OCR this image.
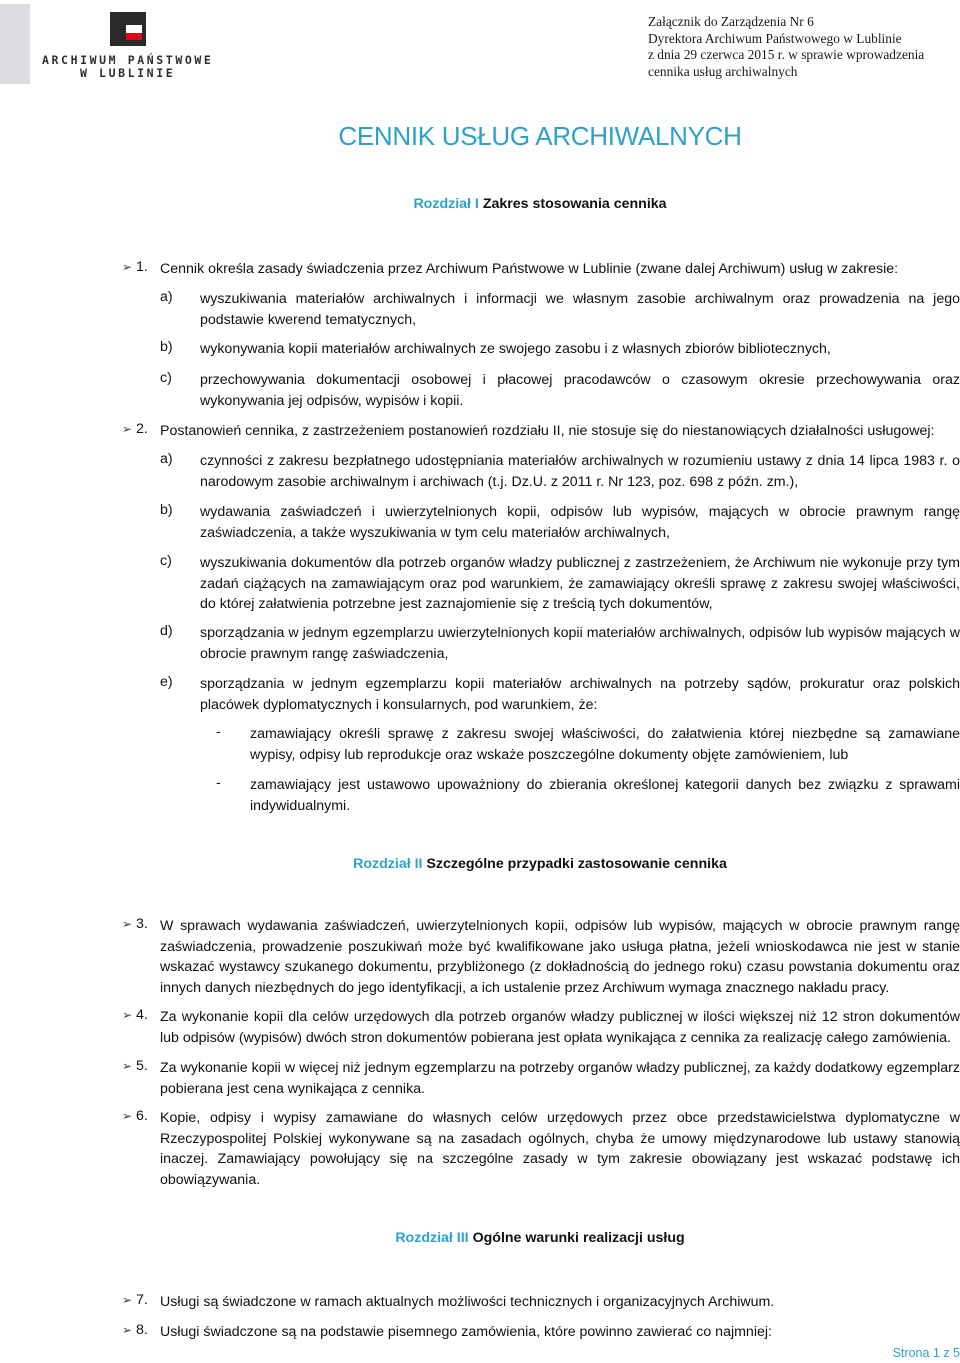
ARCHIWUM PAŃSTWOWE
W LUBLINIE
Załącznik do Zarządzenia Nr 6
Dyrektora Archiwum Państwowego w Lublinie
z dnia 29 czerwca 2015 r. w sprawie wprowadzenia
cennika usług archiwalnych
CENNIK USŁUG ARCHIWALNYCH
Rozdział I Zakres stosowania cennika
➢ 1. Cennik określa zasady świadczenia przez Archiwum Państwowe w Lublinie (zwane dalej Archiwum) usług w zakresie:
a)	wyszukiwania materiałów archiwalnych i informacji we własnym zasobie archiwalnym oraz prowadzenia na jego podstawie kwerend tematycznych,
b)	wykonywania kopii materiałów archiwalnych ze swojego zasobu i z własnych zbiorów bibliotecznych,
c)	przechowywania dokumentacji osobowej i płacowej pracodawców o czasowym okresie przechowywania oraz wykonywania jej odpisów, wypisów i kopii.
➢ 2. Postanowień cennika, z zastrzeżeniem postanowień rozdziału II, nie stosuje się do niestanowiących działalności usługowej:
a)	czynności z zakresu bezpłatnego udostępniania materiałów archiwalnych w rozumieniu ustawy z dnia 14 lipca 1983 r. o narodowym zasobie archiwalnym i archiwach (t.j. Dz.U. z 2011 r. Nr 123, poz. 698 z późn. zm.),
b)	wydawania zaświadczeń i uwierzytelnionych kopii, odpisów lub wypisów, mających w obrocie prawnym rangę zaświadczenia, a także wyszukiwania w tym celu materiałów archiwalnych,
c)	wyszukiwania dokumentów dla potrzeb organów władzy publicznej z zastrzeżeniem, że Archiwum nie wykonuje przy tym zadań ciążących na zamawiającym oraz pod warunkiem, że zamawiający określi sprawę z zakresu swojej właściwości, do której załatwienia potrzebne jest zaznajomienie się z treścią tych dokumentów,
d)	sporządzania w jednym egzemplarzu uwierzytelnionych kopii materiałów archiwalnych, odpisów lub wypisów mających w obrocie prawnym rangę zaświadczenia,
e)	sporządzania w jednym egzemplarzu kopii materiałów archiwalnych na potrzeby sądów, prokuratur oraz polskich placówek dyplomatycznych i konsularnych, pod warunkiem, że:
-	zamawiający określi sprawę z zakresu swojej właściwości, do załatwienia której niezbędne są zamawiane wypisy, odpisy lub reprodukcje oraz wskaże poszczególne dokumenty objęte zamówieniem, lub
-	zamawiający jest ustawowo upoważniony do zbierania określonej kategorii danych bez związku z sprawami indywidualnymi.
Rozdział II Szczególne przypadki zastosowanie cennika
➢ 3. W sprawach wydawania zaświadczeń, uwierzytelnionych kopii, odpisów lub wypisów, mających w obrocie prawnym rangę zaświadczenia, prowadzenie poszukiwań może być kwalifikowane jako usługa płatna, jeżeli wnioskodawca nie jest w stanie wskazać wystawcy szukanego dokumentu, przybliżonego (z dokładnością do jednego roku) czasu powstania dokumentu oraz innych danych niezbędnych do jego identyfikacji, a ich ustalenie przez Archiwum wymaga znacznego nakładu pracy.
➢ 4. Za wykonanie kopii dla celów urzędowych dla potrzeb organów władzy publicznej w ilości większej niż 12 stron dokumentów lub odpisów (wypisów) dwóch stron dokumentów pobierana jest opłata wynikająca z cennika za realizację całego zamówienia.
➢ 5. Za wykonanie kopii w więcej niż jednym egzemplarzu na potrzeby organów władzy publicznej, za każdy dodatkowy egzemplarz pobierana jest cena wynikająca z cennika.
➢ 6. Kopie, odpisy i wypisy zamawiane do własnych celów urzędowych przez obce przedstawicielstwa dyplomatyczne w Rzeczypospolitej Polskiej wykonywane są na zasadach ogólnych, chyba że umowy międzynarodowe lub ustawy stanowią inaczej. Zamawiający powołujący się na szczególne zasady w tym zakresie obowiązany jest wskazać podstawę ich obowiązywania.
Rozdział III Ogólne warunki realizacji usług
➢ 7. Usługi są świadczone w ramach aktualnych możliwości technicznych i organizacyjnych Archiwum.
➢ 8. Usługi świadczone są na podstawie pisemnego zamówienia, które powinno zawierać co najmniej:
Strona 1 z 5
